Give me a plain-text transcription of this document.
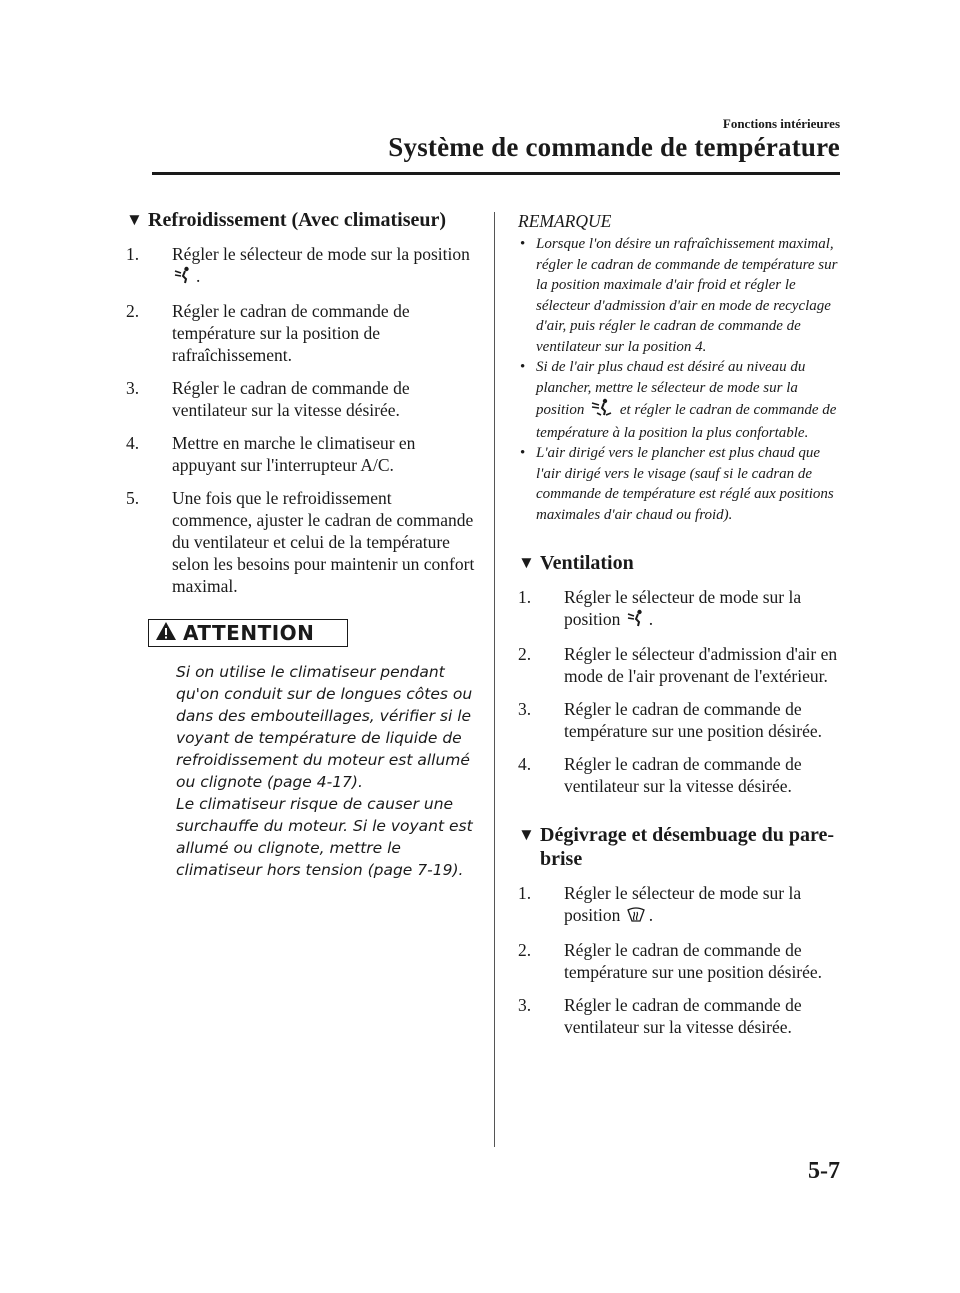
Fonctions intérieures
Système de commande de température
▼ Refroidissement (Avec climatiseur)
1. Régler le sélecteur de mode sur la position .
2. Régler le cadran de commande de température sur la position de rafraîchissement.
3. Régler le cadran de commande de ventilateur sur la vitesse désirée.
4. Mettre en marche le climatiseur en appuyant sur l'interrupteur A/C.
5. Une fois que le refroidissement commence, ajuster le cadran de commande du ventilateur et celui de la température selon les besoins pour maintenir un confort maximal.
ATTENTION

Si on utilise le climatiseur pendant qu'on conduit sur de longues côtes ou dans des embouteillages, vérifier si le voyant de température de liquide de refroidissement du moteur est allumé ou clignote (page 4-17).

Le climatiseur risque de causer une surchauffe du moteur. Si le voyant est allumé ou clignote, mettre le climatiseur hors tension (page 7-19).

REMARQUE
• Lorsque l'on désire un rafraîchissement maximal, régler le cadran de commande de température sur la position maximale d'air froid et régler le sélecteur d'admission d'air en mode de recyclage d'air, puis régler le cadran de commande de ventilateur sur la position 4.
• Si de l'air plus chaud est désiré au niveau du plancher, mettre le sélecteur de mode sur la position et régler le cadran de commande de température à la position la plus confortable.
• L'air dirigé vers le plancher est plus chaud que l'air dirigé vers le visage (sauf si le cadran de commande de température est réglé aux positions maximales d'air chaud ou froid).
▼ Ventilation
1. Régler le sélecteur de mode sur la position .
2. Régler le sélecteur d'admission d'air en mode de l'air provenant de l'extérieur.
3. Régler le cadran de commande de température sur une position désirée.
4. Régler le cadran de commande de ventilateur sur la vitesse désirée.
▼ Dégivrage et désembuage du pare-brise
1. Régler le sélecteur de mode sur la position .
2. Régler le cadran de commande de température sur une position désirée.
3. Régler le cadran de commande de ventilateur sur la vitesse désirée.
5-7
